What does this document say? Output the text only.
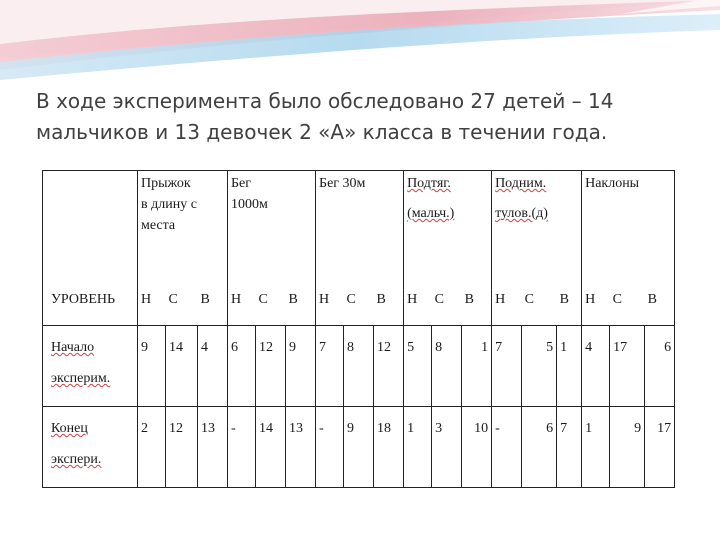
В ходе эксперимента было обследовано 27 детей – 14
мальчиков и 13 девочек 2 «А» класса в течении года.

	Прыжок
в длину с
места			Бег
1000м			Бег 30м			Подтяг.
(мальч.)			Подним.
тулов.(д)			Наклоны		

УРОВЕНЬ	Н	С	В	Н	С	В	Н	С	В	Н	С	В	Н	С	В	Н	С	В

Начало
эксперим.	9	14	4	6	12	9	7	8	12	5	8	1	7	5	1	4	17	6

Конец
экспери.	2	12	13	-	14	13	-	9	18	1	3	10	-	6	7	1	9	17
